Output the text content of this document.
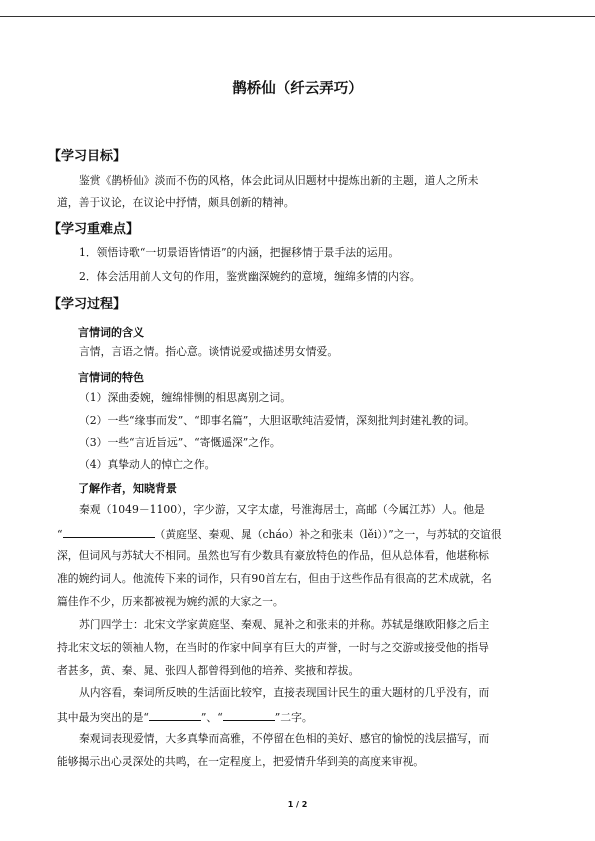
鹊桥仙（纤云弄巧）
【学习目标】
鉴赏《鹊桥仙》淡而不伤的风格，体会此词从旧题材中提炼出新的主题，道人之所未
道，善于议论，在议论中抒情，颇具创新的精神。
【学习重难点】
1．领悟诗歌“一切景语皆情语”的内涵，把握移情于景手法的运用。
2．体会活用前人文句的作用，鉴赏幽深婉约的意境，缠绵多情的内容。
【学习过程】
言情词的含义
言情，言语之情。指心意。谈情说爱或描述男女情爱。
言情词的特色
（1）深曲委婉，缠绵悱恻的相思离别之词。
（2）一些“缘事而发”、“即事名篇”，大胆讴歌纯洁爱情，深刻批判封建礼教的词。
（3）一些“言近旨远”、“寄慨遥深”之作。
（4）真挚动人的悼亡之作。
了解作者，知晓背景
秦观（1049－1100），字少游，又字太虚，号淮海居士，高邮（今属江苏）人。他是
“	（黄庭坚、秦观、晁（cháo）补之和张耒（lěi））”之一，与苏轼的交谊很
深，但词风与苏轼大不相同。虽然也写有少数具有豪放特色的作品，但从总体看，他堪称标
准的婉约词人。他流传下来的词作，只有90首左右，但由于这些作品有很高的艺术成就，名
篇佳作不少，历来都被视为婉约派的大家之一。
苏门四学士：北宋文学家黄庭坚、秦观、晁补之和张耒的并称。苏轼是继欧阳修之后主
持北宋文坛的领袖人物，在当时的作家中间享有巨大的声誉，一时与之交游或接受他的指导
者甚多，黄、秦、晁、张四人都曾得到他的培养、奖掖和荐拔。
从内容看，秦词所反映的生活面比较窄，直接表现国计民生的重大题材的几乎没有，而
其中最为突出的是“	”、“	”二字。
秦观词表现爱情，大多真挚而高雅，不停留在色相的美好、感官的愉悦的浅层描写，而
能够揭示出心灵深处的共鸣，在一定程度上，把爱情升华到美的高度来审视。
1 / 2
